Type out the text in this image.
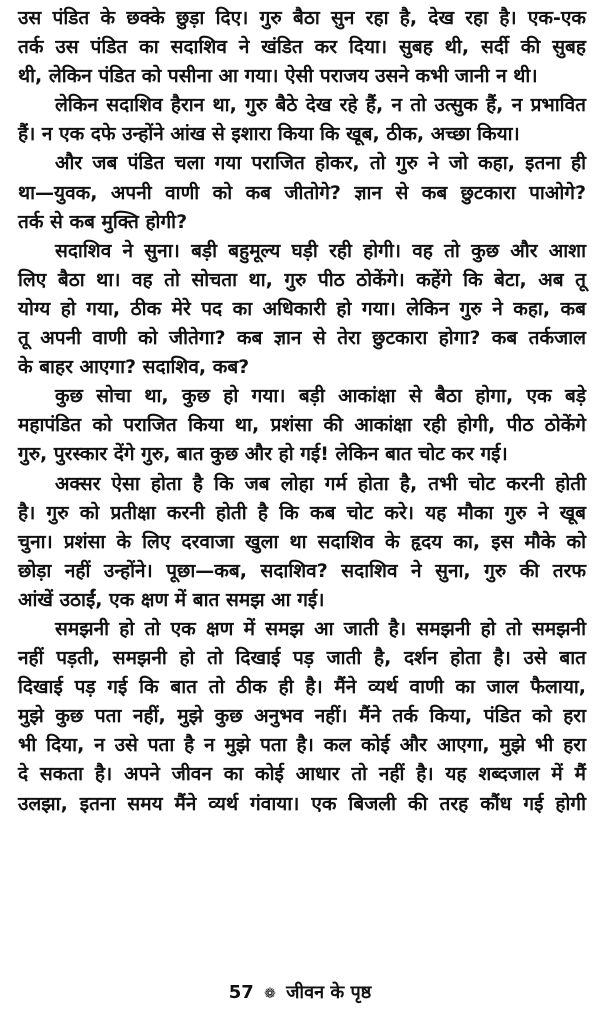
उस पंडित के छक्के छुड़ा दिए। गुरु बैठा सुन रहा है, देख रहा है। एक-एक
तर्क उस पंडित का सदाशिव ने खंडित कर दिया। सुबह थी, सर्दी की सुबह
थी, लेकिन पंडित को पसीना आ गया। ऐसी पराजय उसने कभी जानी न थी।
लेकिन सदाशिव हैरान था, गुरु बैठे देख रहे हैं, न तो उत्सुक हैं, न प्रभावित
हैं। न एक दफे उन्होंने आंख से इशारा किया कि खूब, ठीक, अच्छा किया।
और जब पंडित चला गया पराजित होकर, तो गुरु ने जो कहा, इतना ही
था—युवक, अपनी वाणी को कब जीतोगे? ज्ञान से कब छुटकारा पाओगे?
तर्क से कब मुक्ति होगी?
सदाशिव ने सुना। बड़ी बहुमूल्य घड़ी रही होगी। वह तो कुछ और आशा
लिए बैठा था। वह तो सोचता था, गुरु पीठ ठोकेंगे। कहेंगे कि बेटा, अब तू
योग्य हो गया, ठीक मेरे पद का अधिकारी हो गया। लेकिन गुरु ने कहा, कब
तू अपनी वाणी को जीतेगा? कब ज्ञान से तेरा छुटकारा होगा? कब तर्कजाल
के बाहर आएगा? सदाशिव, कब?
कुछ सोचा था, कुछ हो गया। बड़ी आकांक्षा से बैठा होगा, एक बड़े
महापंडित को पराजित किया था, प्रशंसा की आकांक्षा रही होगी, पीठ ठोकेंगे
गुरु, पुरस्कार देंगे गुरु, बात कुछ और हो गई! लेकिन बात चोट कर गई।
अक्सर ऐसा होता है कि जब लोहा गर्म होता है, तभी चोट करनी होती
है। गुरु को प्रतीक्षा करनी होती है कि कब चोट करे। यह मौका गुरु ने खूब
चुना। प्रशंसा के लिए दरवाजा खुला था सदाशिव के हृदय का, इस मौके को
छोड़ा नहीं उन्होंने। पूछा—कब, सदाशिव? सदाशिव ने सुना, गुरु की तरफ
आंखें उठाईं, एक क्षण में बात समझ आ गई।
समझनी हो तो एक क्षण में समझ आ जाती है। समझनी हो तो समझनी
नहीं पड़ती, समझनी हो तो दिखाई पड़ जाती है, दर्शन होता है। उसे बात
दिखाई पड़ गई कि बात तो ठीक ही है। मैंने व्यर्थ वाणी का जाल फैलाया,
मुझे कुछ पता नहीं, मुझे कुछ अनुभव नहीं। मैंने तर्क किया, पंडित को हरा
भी दिया, न उसे पता है न मुझे पता है। कल कोई और आएगा, मुझे भी हरा
दे सकता है। अपने जीवन का कोई आधार तो नहीं है। यह शब्दजाल में मैं
उलझा, इतना समय मैंने व्यर्थ गंवाया। एक बिजली की तरह कौंध गई होगी
57 ❁ जीवन के पृष्ठ
